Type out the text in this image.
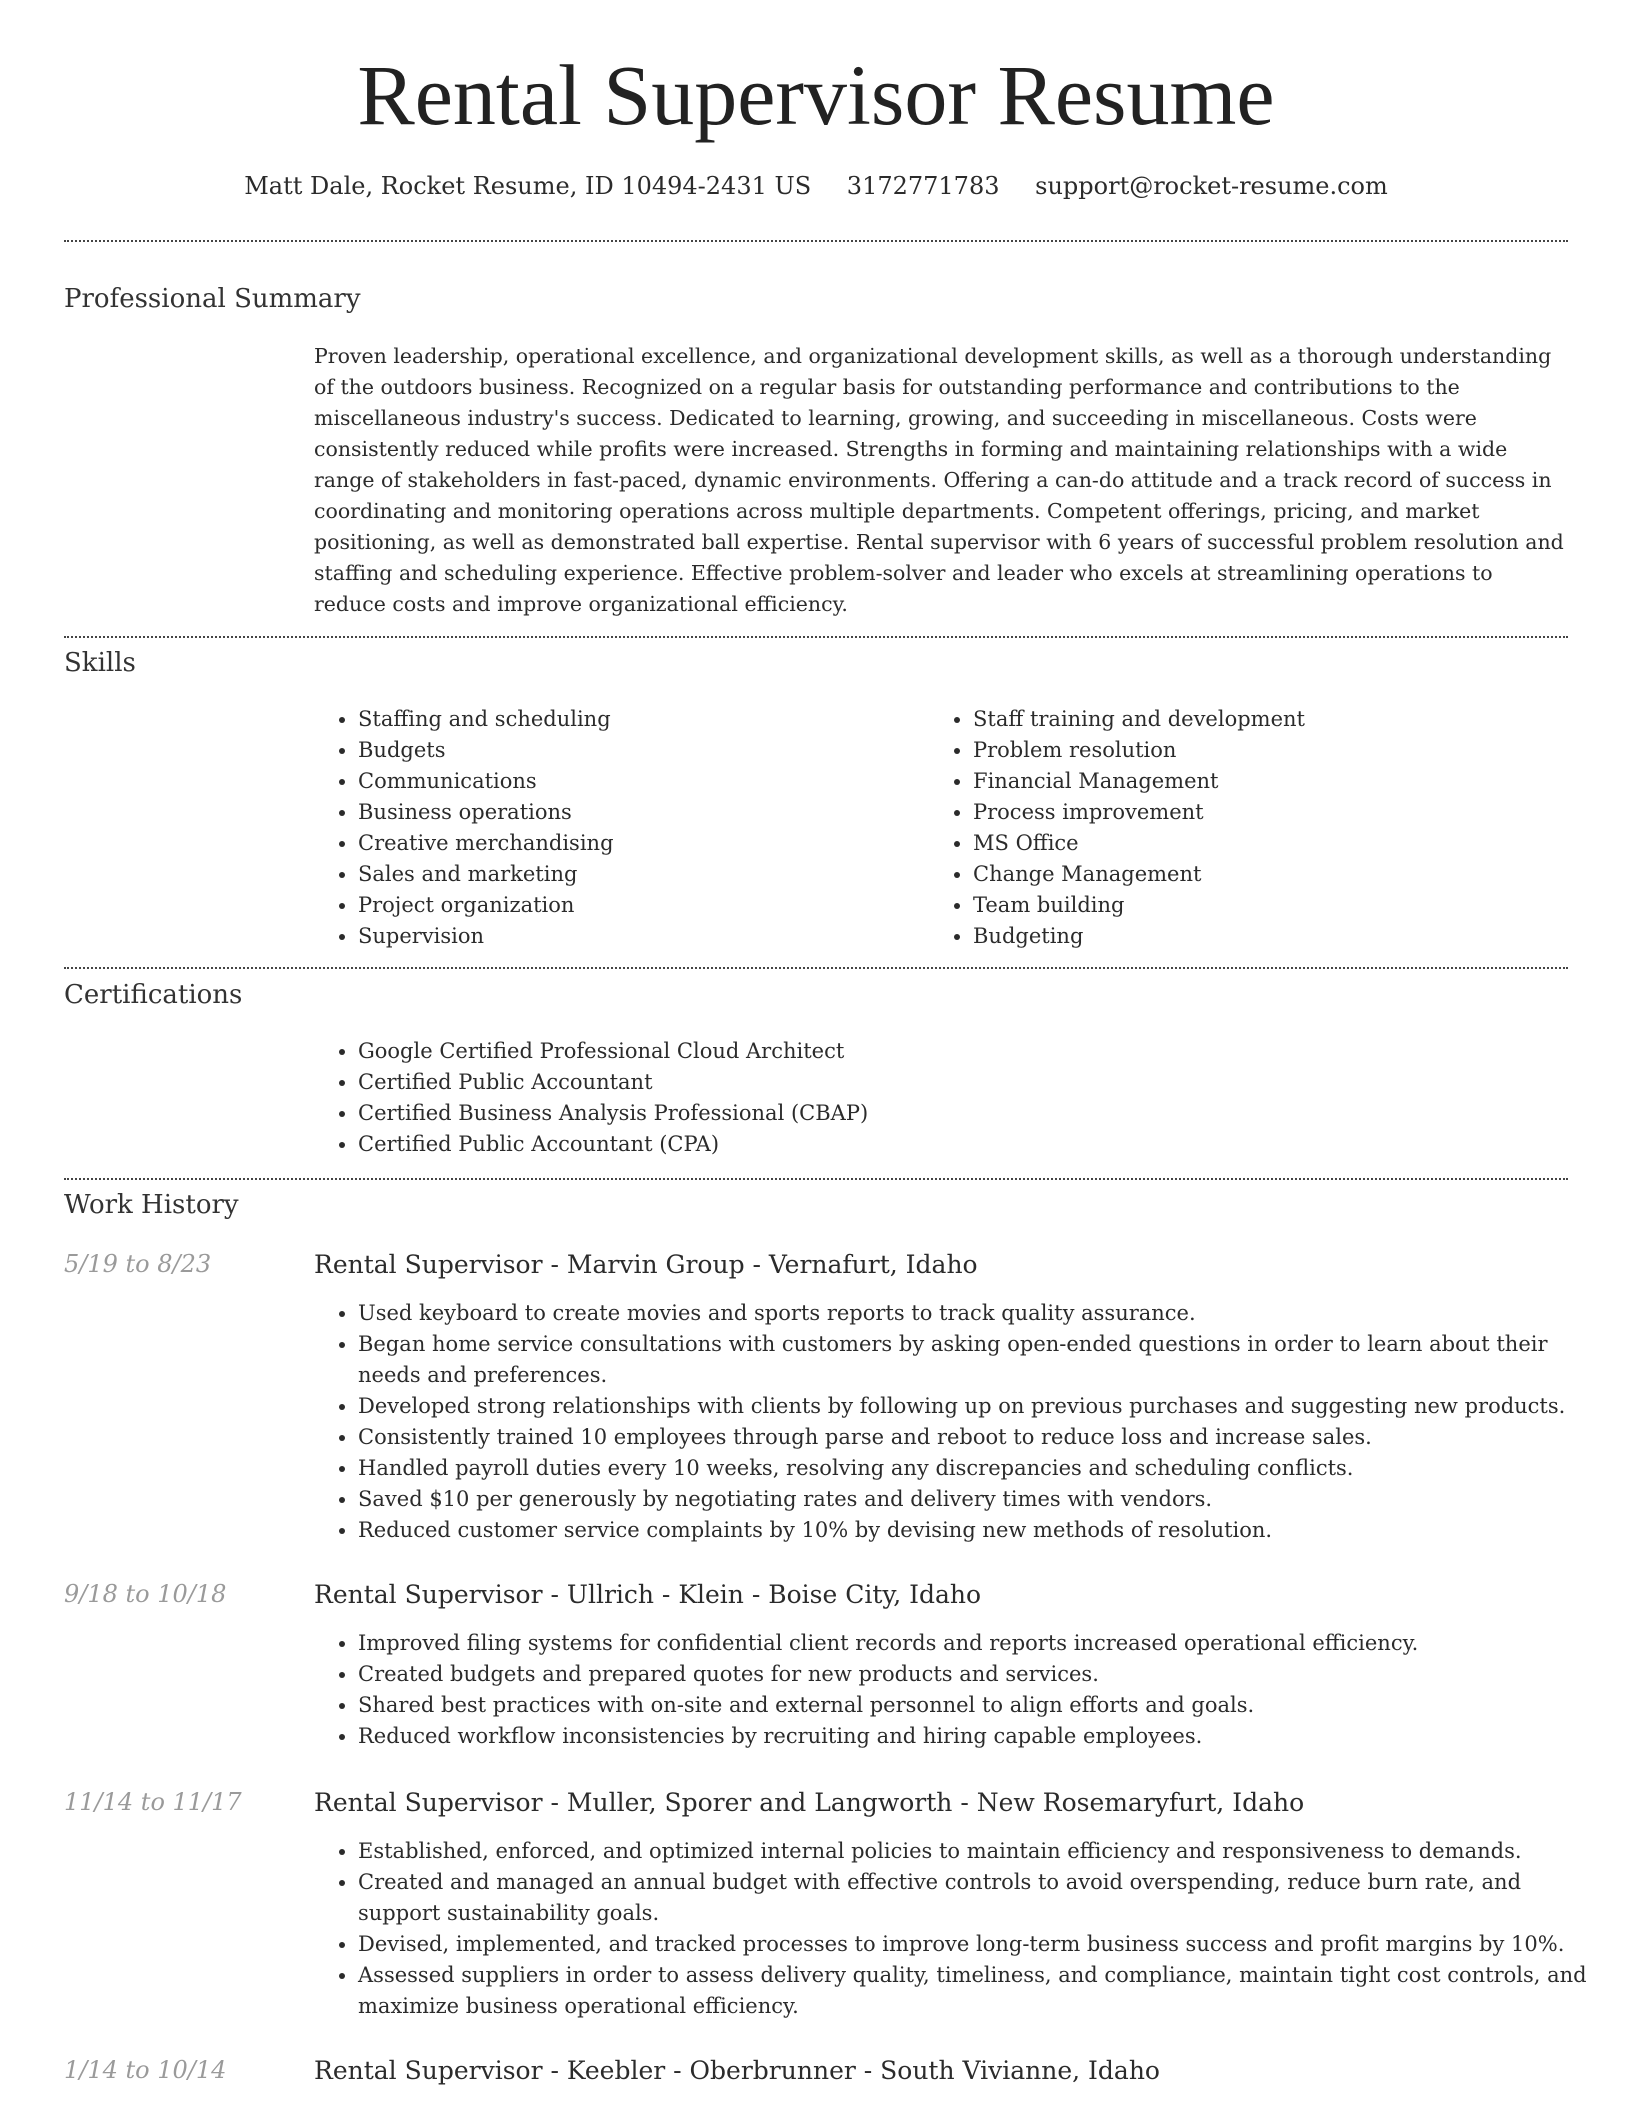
Rental Supervisor Resume
Matt Dale, Rocket Resume, ID 10494-2431 US 3172771783 support@rocket-resume.com
Professional Summary

Proven leadership, operational excellence, and organizational development skills, as well as a thorough understanding of the outdoors business. Recognized on a regular basis for outstanding performance and contributions to the miscellaneous industry's success. Dedicated to learning, growing, and succeeding in miscellaneous. Costs were consistently reduced while profits were increased. Strengths in forming and maintaining relationships with a wide range of stakeholders in fast-paced, dynamic environments. Offering a can-do attitude and a track record of success in coordinating and monitoring operations across multiple departments. Competent offerings, pricing, and market positioning, as well as demonstrated ball expertise. Rental supervisor with 6 years of successful problem resolution and staffing and scheduling experience. Effective problem-solver and leader who excels at streamlining operations to reduce costs and improve organizational efficiency.

Skills
• Staffing and scheduling
• Budgets
• Communications
• Business operations
• Creative merchandising
• Sales and marketing
• Project organization
• Supervision
• Staff training and development
• Problem resolution
• Financial Management
• Process improvement
• MS Office
• Change Management
• Team building
• Budgeting
Certifications
• Google Certified Professional Cloud Architect
• Certified Public Accountant
• Certified Business Analysis Professional (CBAP)
• Certified Public Accountant (CPA)
Work History
5/19 to 8/23	Rental Supervisor - Marvin Group - Vernafurt, Idaho
• Used keyboard to create movies and sports reports to track quality assurance.
• Began home service consultations with customers by asking open-ended questions in order to learn about their needs and preferences.
• Developed strong relationships with clients by following up on previous purchases and suggesting new products.
• Consistently trained 10 employees through parse and reboot to reduce loss and increase sales.
• Handled payroll duties every 10 weeks, resolving any discrepancies and scheduling conflicts.
• Saved $10 per generously by negotiating rates and delivery times with vendors.
• Reduced customer service complaints by 10% by devising new methods of resolution.
9/18 to 10/18	Rental Supervisor - Ullrich - Klein - Boise City, Idaho
• Improved filing systems for confidential client records and reports increased operational efficiency.
• Created budgets and prepared quotes for new products and services.
• Shared best practices with on-site and external personnel to align efforts and goals.
• Reduced workflow inconsistencies by recruiting and hiring capable employees.
11/14 to 11/17	Rental Supervisor - Muller, Sporer and Langworth - New Rosemaryfurt, Idaho
• Established, enforced, and optimized internal policies to maintain efficiency and responsiveness to demands.
• Created and managed an annual budget with effective controls to avoid overspending, reduce burn rate, and support sustainability goals.
• Devised, implemented, and tracked processes to improve long-term business success and profit margins by 10%.
• Assessed suppliers in order to assess delivery quality, timeliness, and compliance, maintain tight cost controls, and maximize business operational efficiency.
1/14 to 10/14	Rental Supervisor - Keebler - Oberbrunner - South Vivianne, Idaho
